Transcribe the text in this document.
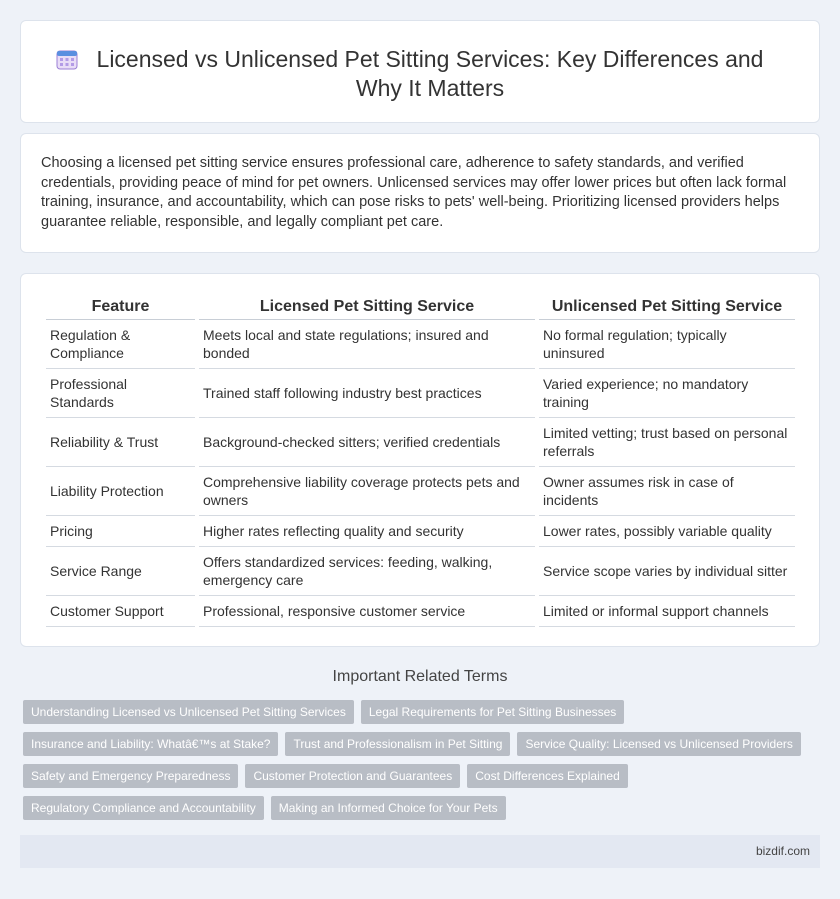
Licensed vs Unlicensed Pet Sitting Services: Key Differences and Why It Matters

Choosing a licensed pet sitting service ensures professional care, adherence to safety standards, and verified credentials, providing peace of mind for pet owners. Unlicensed services may offer lower prices but often lack formal training, insurance, and accountability, which can pose risks to pets' well-being. Prioritizing licensed providers helps guarantee reliable, responsible, and legally compliant pet care.

Feature	Licensed Pet Sitting Service	Unlicensed Pet Sitting Service
Regulation & Compliance	Meets local and state regulations; insured and bonded	No formal regulation; typically uninsured
Professional Standards	Trained staff following industry best practices	Varied experience; no mandatory training
Reliability & Trust	Background-checked sitters; verified credentials	Limited vetting; trust based on personal referrals
Liability Protection	Comprehensive liability coverage protects pets and owners	Owner assumes risk in case of incidents
Pricing	Higher rates reflecting quality and security	Lower rates, possibly variable quality
Service Range	Offers standardized services: feeding, walking, emergency care	Service scope varies by individual sitter
Customer Support	Professional, responsive customer service	Limited or informal support channels
Important Related Terms
Understanding Licensed vs Unlicensed Pet Sitting Services	Legal Requirements for Pet Sitting Businesses
Insurance and Liability: Whatâ€™s at Stake?	Trust and Professionalism in Pet Sitting	Service Quality: Licensed vs Unlicensed Providers
Safety and Emergency Preparedness	Customer Protection and Guarantees	Cost Differences Explained
Regulatory Compliance and Accountability	Making an Informed Choice for Your Pets
bizdif.com
